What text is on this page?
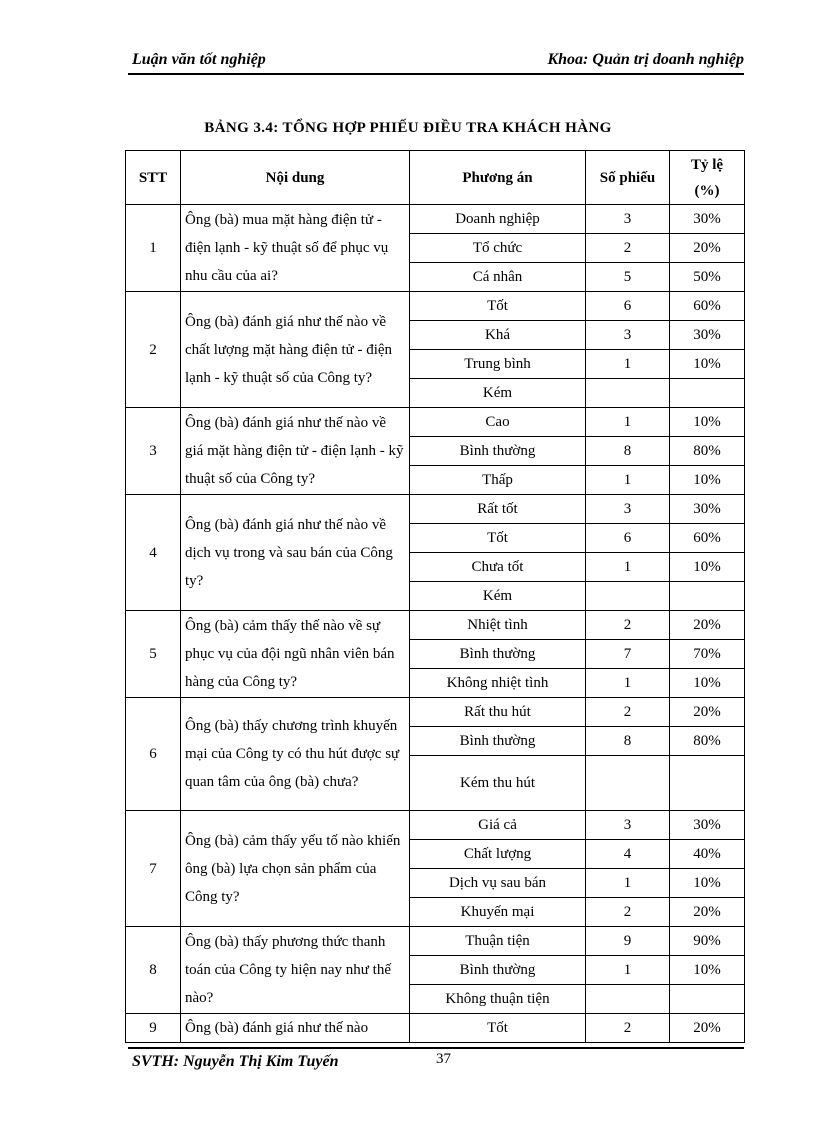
Luận văn tốt nghiệp	Khoa: Quản trị doanh nghiệp
BẢNG 3.4: TỔNG HỢP PHIẾU ĐIỀU TRA KHÁCH HÀNG
STT	Nội dung	Phương án	Số phiếu	Tỷ lệ
(%)
1	Ông (bà) mua mặt hàng điện tử - điện lạnh - kỹ thuật số để phục vụ nhu cầu của ai?	Doanh nghiệp	3	30%
		Tổ chức	2	20%
		Cá nhân	5	50%
2	Ông (bà) đánh giá như thế nào về chất lượng mặt hàng điện tử - điện lạnh - kỹ thuật số của Công ty?	Tốt	6	60%
		Khá	3	30%
		Trung bình	1	10%
		Kém		
3	Ông (bà) đánh giá như thế nào về giá mặt hàng điện tử - điện lạnh - kỹ thuật số của Công ty?	Cao	1	10%
		Bình thường	8	80%
		Thấp	1	10%
4	Ông (bà) đánh giá như thế nào về dịch vụ trong và sau bán của Công ty?	Rất tốt	3	30%
		Tốt	6	60%
		Chưa tốt	1	10%
		Kém		
5	Ông (bà) cảm thấy thế nào về sự phục vụ của đội ngũ nhân viên bán hàng của Công ty?	Nhiệt tình	2	20%
		Bình thường	7	70%
		Không nhiệt tình	1	10%
6	Ông (bà) thấy chương trình khuyến mại của Công ty có thu hút được sự quan tâm của ông (bà) chưa?	Rất thu hút	2	20%
		Bình thường	8	80%
		Kém thu hút		
7	Ông (bà) cảm thấy yếu tố nào khiến ông (bà) lựa chọn sản phẩm của Công ty?	Giá cả	3	30%
		Chất lượng	4	40%
		Dịch vụ sau bán	1	10%
		Khuyến mại	2	20%
8	Ông (bà) thấy phương thức thanh toán của Công ty hiện nay như thế nào?	Thuận tiện	9	90%
		Bình thường	1	10%
		Không thuận tiện		
9	Ông (bà) đánh giá như thế nào	Tốt	2	20%
SVTH: Nguyễn Thị Kim Tuyến	37
